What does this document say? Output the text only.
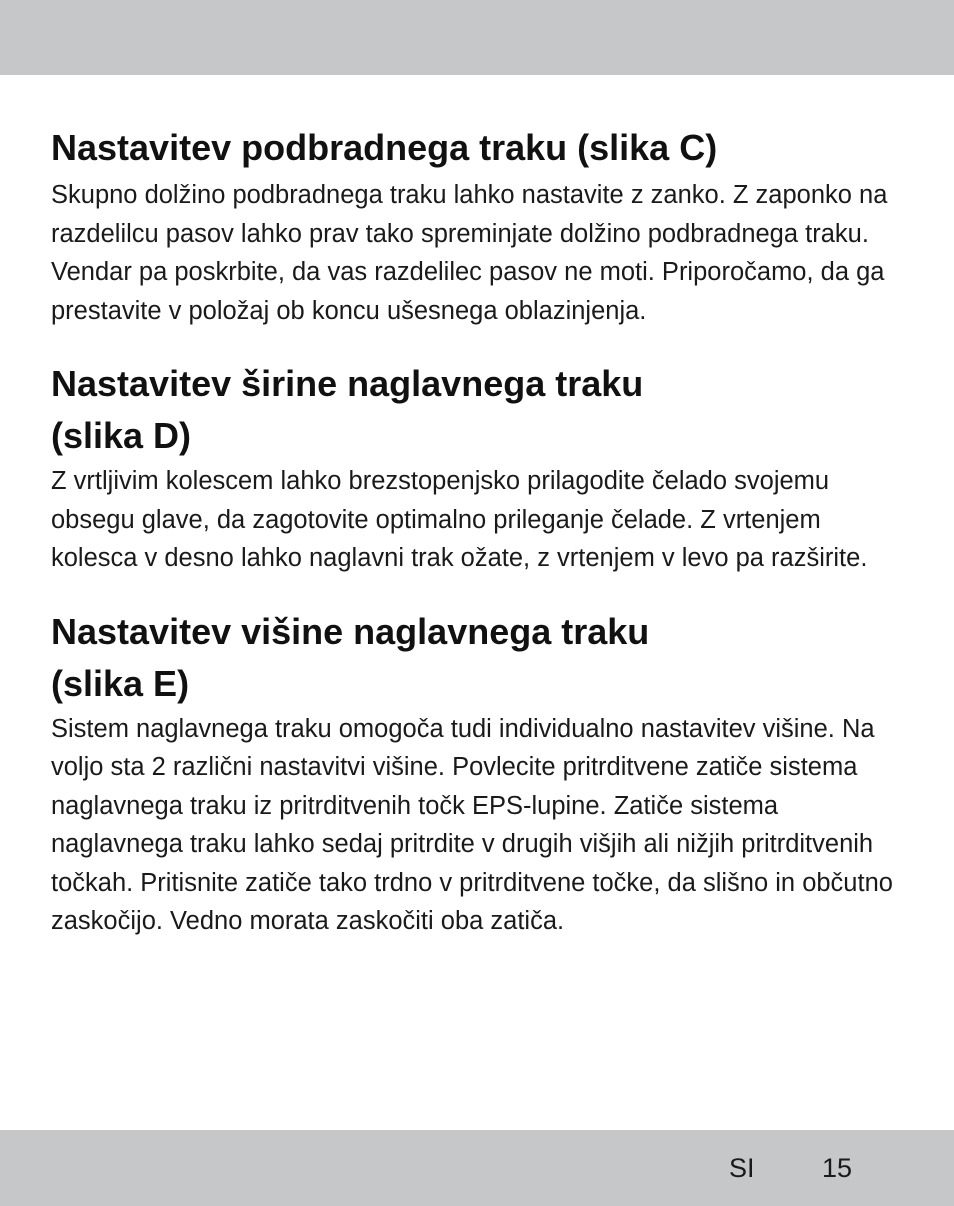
Nastavitev podbradnega traku (slika C)

Skupno dolžino podbradnega traku lahko nastavite z zanko. Z zaponko na razdelilcu pasov lahko prav tako spreminjate dolžino podbradnega traku. Vendar pa poskrbite, da vas razdelilec pasov ne moti. Priporočamo, da ga prestavite v položaj ob koncu ušesnega oblazinjenja.

Nastavitev širine naglavnega traku
(slika D)

Z vrtljivim kolescem lahko brezstopenjsko prilagodite čelado svojemu obsegu glave, da zagotovite optimalno prileganje čelade. Z vrtenjem kolesca v desno lahko naglavni trak ožate, z vrtenjem v levo pa razširite.

Nastavitev višine naglavnega traku
(slika E)

Sistem naglavnega traku omogoča tudi individualno nastavitev višine. Na voljo sta 2 različni nastavitvi višine. Povlecite pritrditvene zatiče sistema naglavnega traku iz pritrditvenih točk EPS-lupine. Zatiče sistema naglavnega traku lahko sedaj pritrdite v drugih višjih ali nižjih pritrditvenih točkah. Pritisnite zatiče tako trdno v pritrditvene točke, da slišno in občutno zaskočijo. Vedno morata zaskočiti oba zatiča.

SI 15
